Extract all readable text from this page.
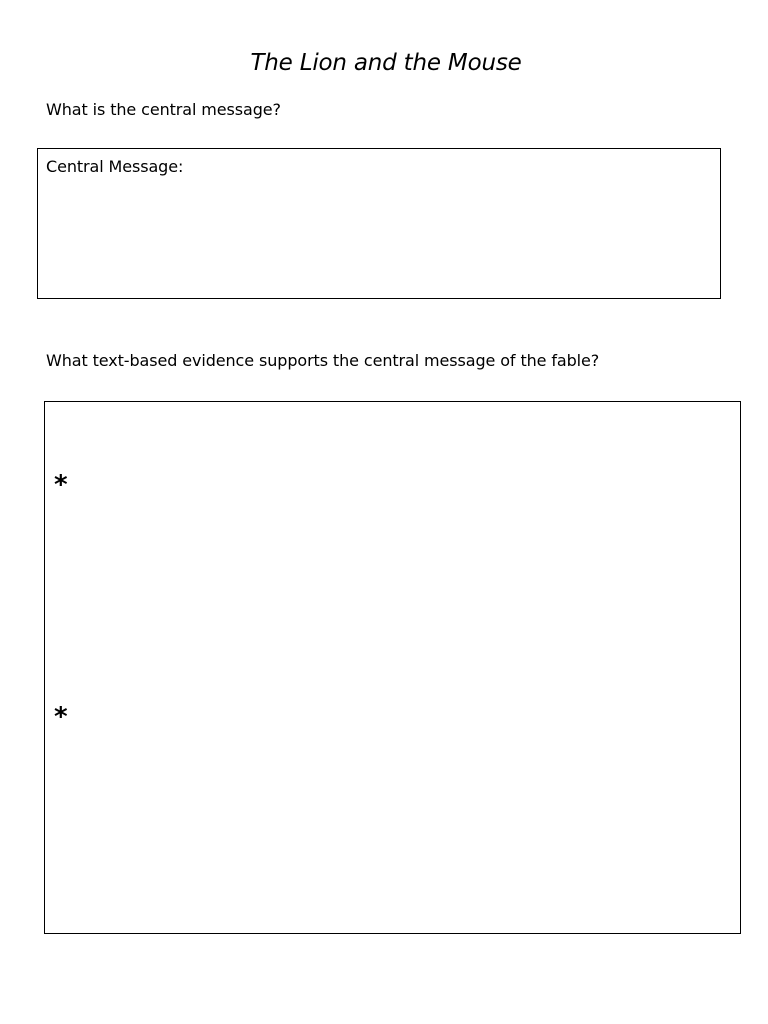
The Lion and the Mouse
What is the central message?
Central Message:
What text-based evidence supports the central message of the fable?
*
*
